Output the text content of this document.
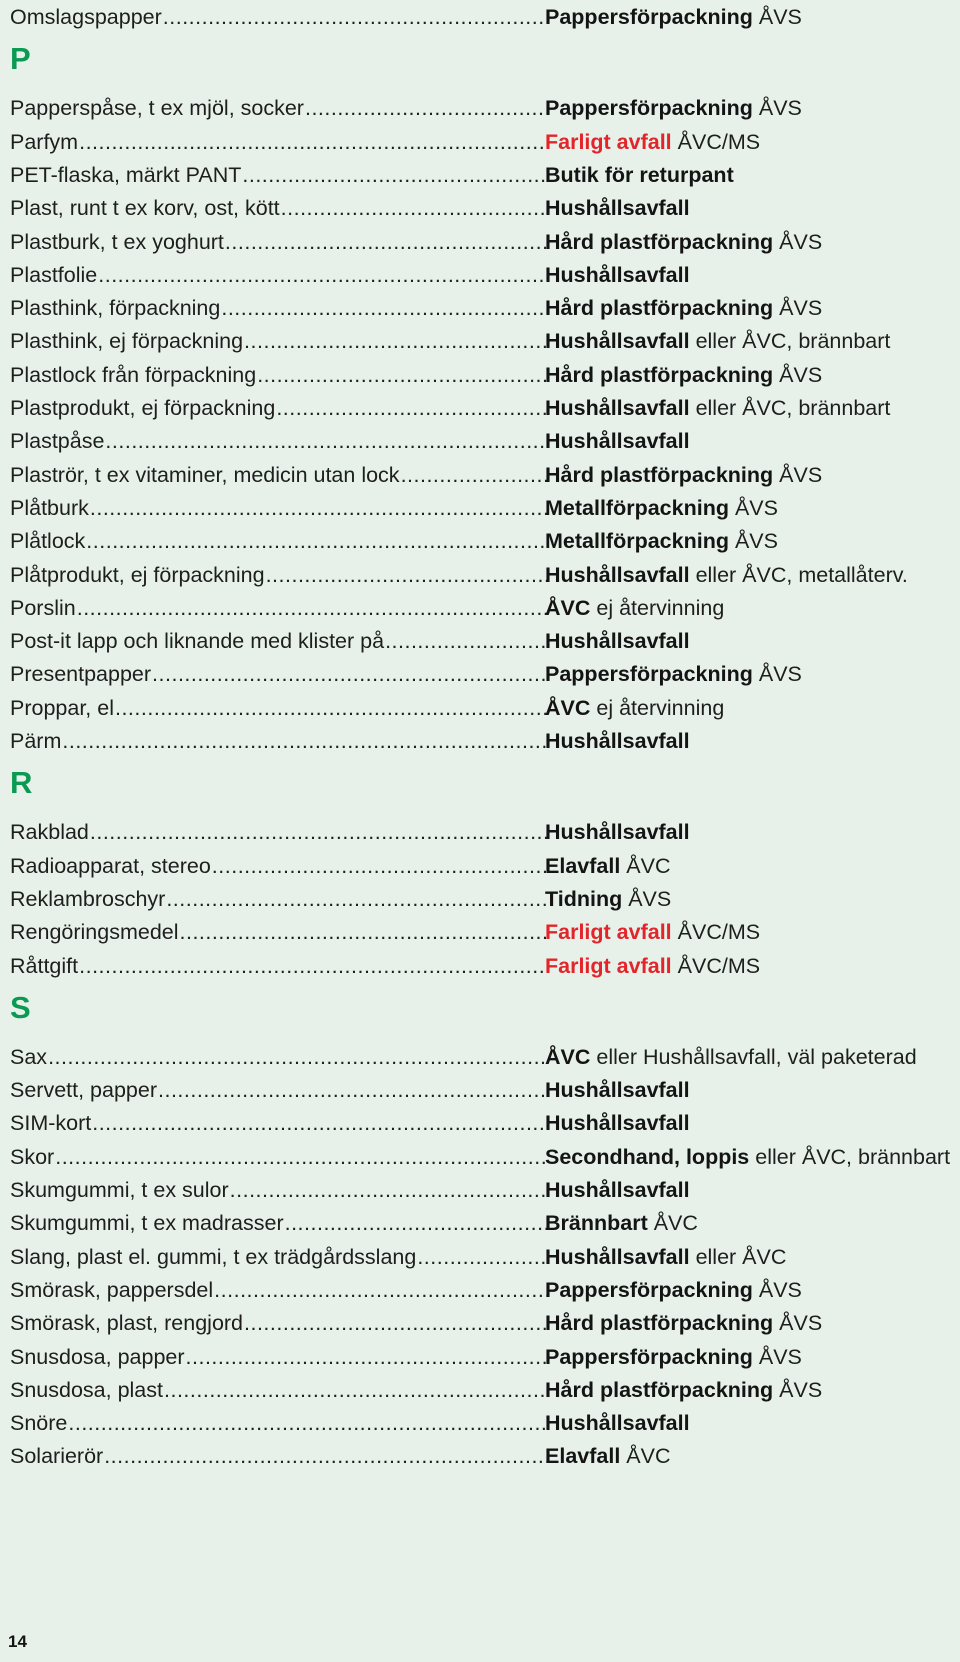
Omslagspapper .....	Pappersförpackning ÅVS
P
Papperspåse, t ex mjöl, socker .....	Pappersförpackning ÅVS
Parfym .....	Farligt avfall ÅVC/MS
PET-flaska, märkt PANT .....	Butik för returpant
Plast, runt t ex korv, ost, kött .....	Hushållsavfall
Plastburk, t ex yoghurt .....	Hård plastförpackning ÅVS
Plastfolie .....	Hushållsavfall
Plasthink, förpackning .....	Hård plastförpackning ÅVS
Plasthink, ej förpackning .....	Hushållsavfall eller ÅVC, brännbart
Plastlock från förpackning .....	Hård plastförpackning ÅVS
Plastprodukt, ej förpackning .....	Hushållsavfall eller ÅVC, brännbart
Plastpåse .....	Hushållsavfall
Plaströr, t ex vitaminer, medicin utan lock .....	Hård plastförpackning ÅVS
Plåtburk .....	Metallförpackning ÅVS
Plåtlock .....	Metallförpackning ÅVS
Plåtprodukt, ej förpackning .....	Hushållsavfall eller ÅVC, metallåterv.
Porslin .....	ÅVC ej återvinning
Post-it lapp och liknande med klister på .....	Hushållsavfall
Presentpapper .....	Pappersförpackning ÅVS
Proppar, el .....	ÅVC ej återvinning
Pärm .....	Hushållsavfall
R
Rakblad .....	Hushållsavfall
Radioapparat, stereo .....	Elavfall ÅVC
Reklambroschyr .....	Tidning ÅVS
Rengöringsmedel .....	Farligt avfall ÅVC/MS
Råttgift .....	Farligt avfall ÅVC/MS
S
Sax .....	ÅVC eller Hushållsavfall, väl paketerad
Servett, papper .....	Hushållsavfall
SIM-kort .....	Hushållsavfall
Skor .....	Secondhand, loppis eller ÅVC, brännbart
Skumgummi, t ex sulor .....	Hushållsavfall
Skumgummi, t ex madrasser .....	Brännbart ÅVC
Slang, plast el. gummi, t ex trädgårdsslang .....	Hushållsavfall eller ÅVC
Smörask, pappersdel .....	Pappersförpackning ÅVS
Smörask, plast, rengjord .....	Hård plastförpackning ÅVS
Snusdosa, papper .....	Pappersförpackning ÅVS
Snusdosa, plast .....	Hård plastförpackning ÅVS
Snöre .....	Hushållsavfall
Solarierör .....	Elavfall ÅVC
14
